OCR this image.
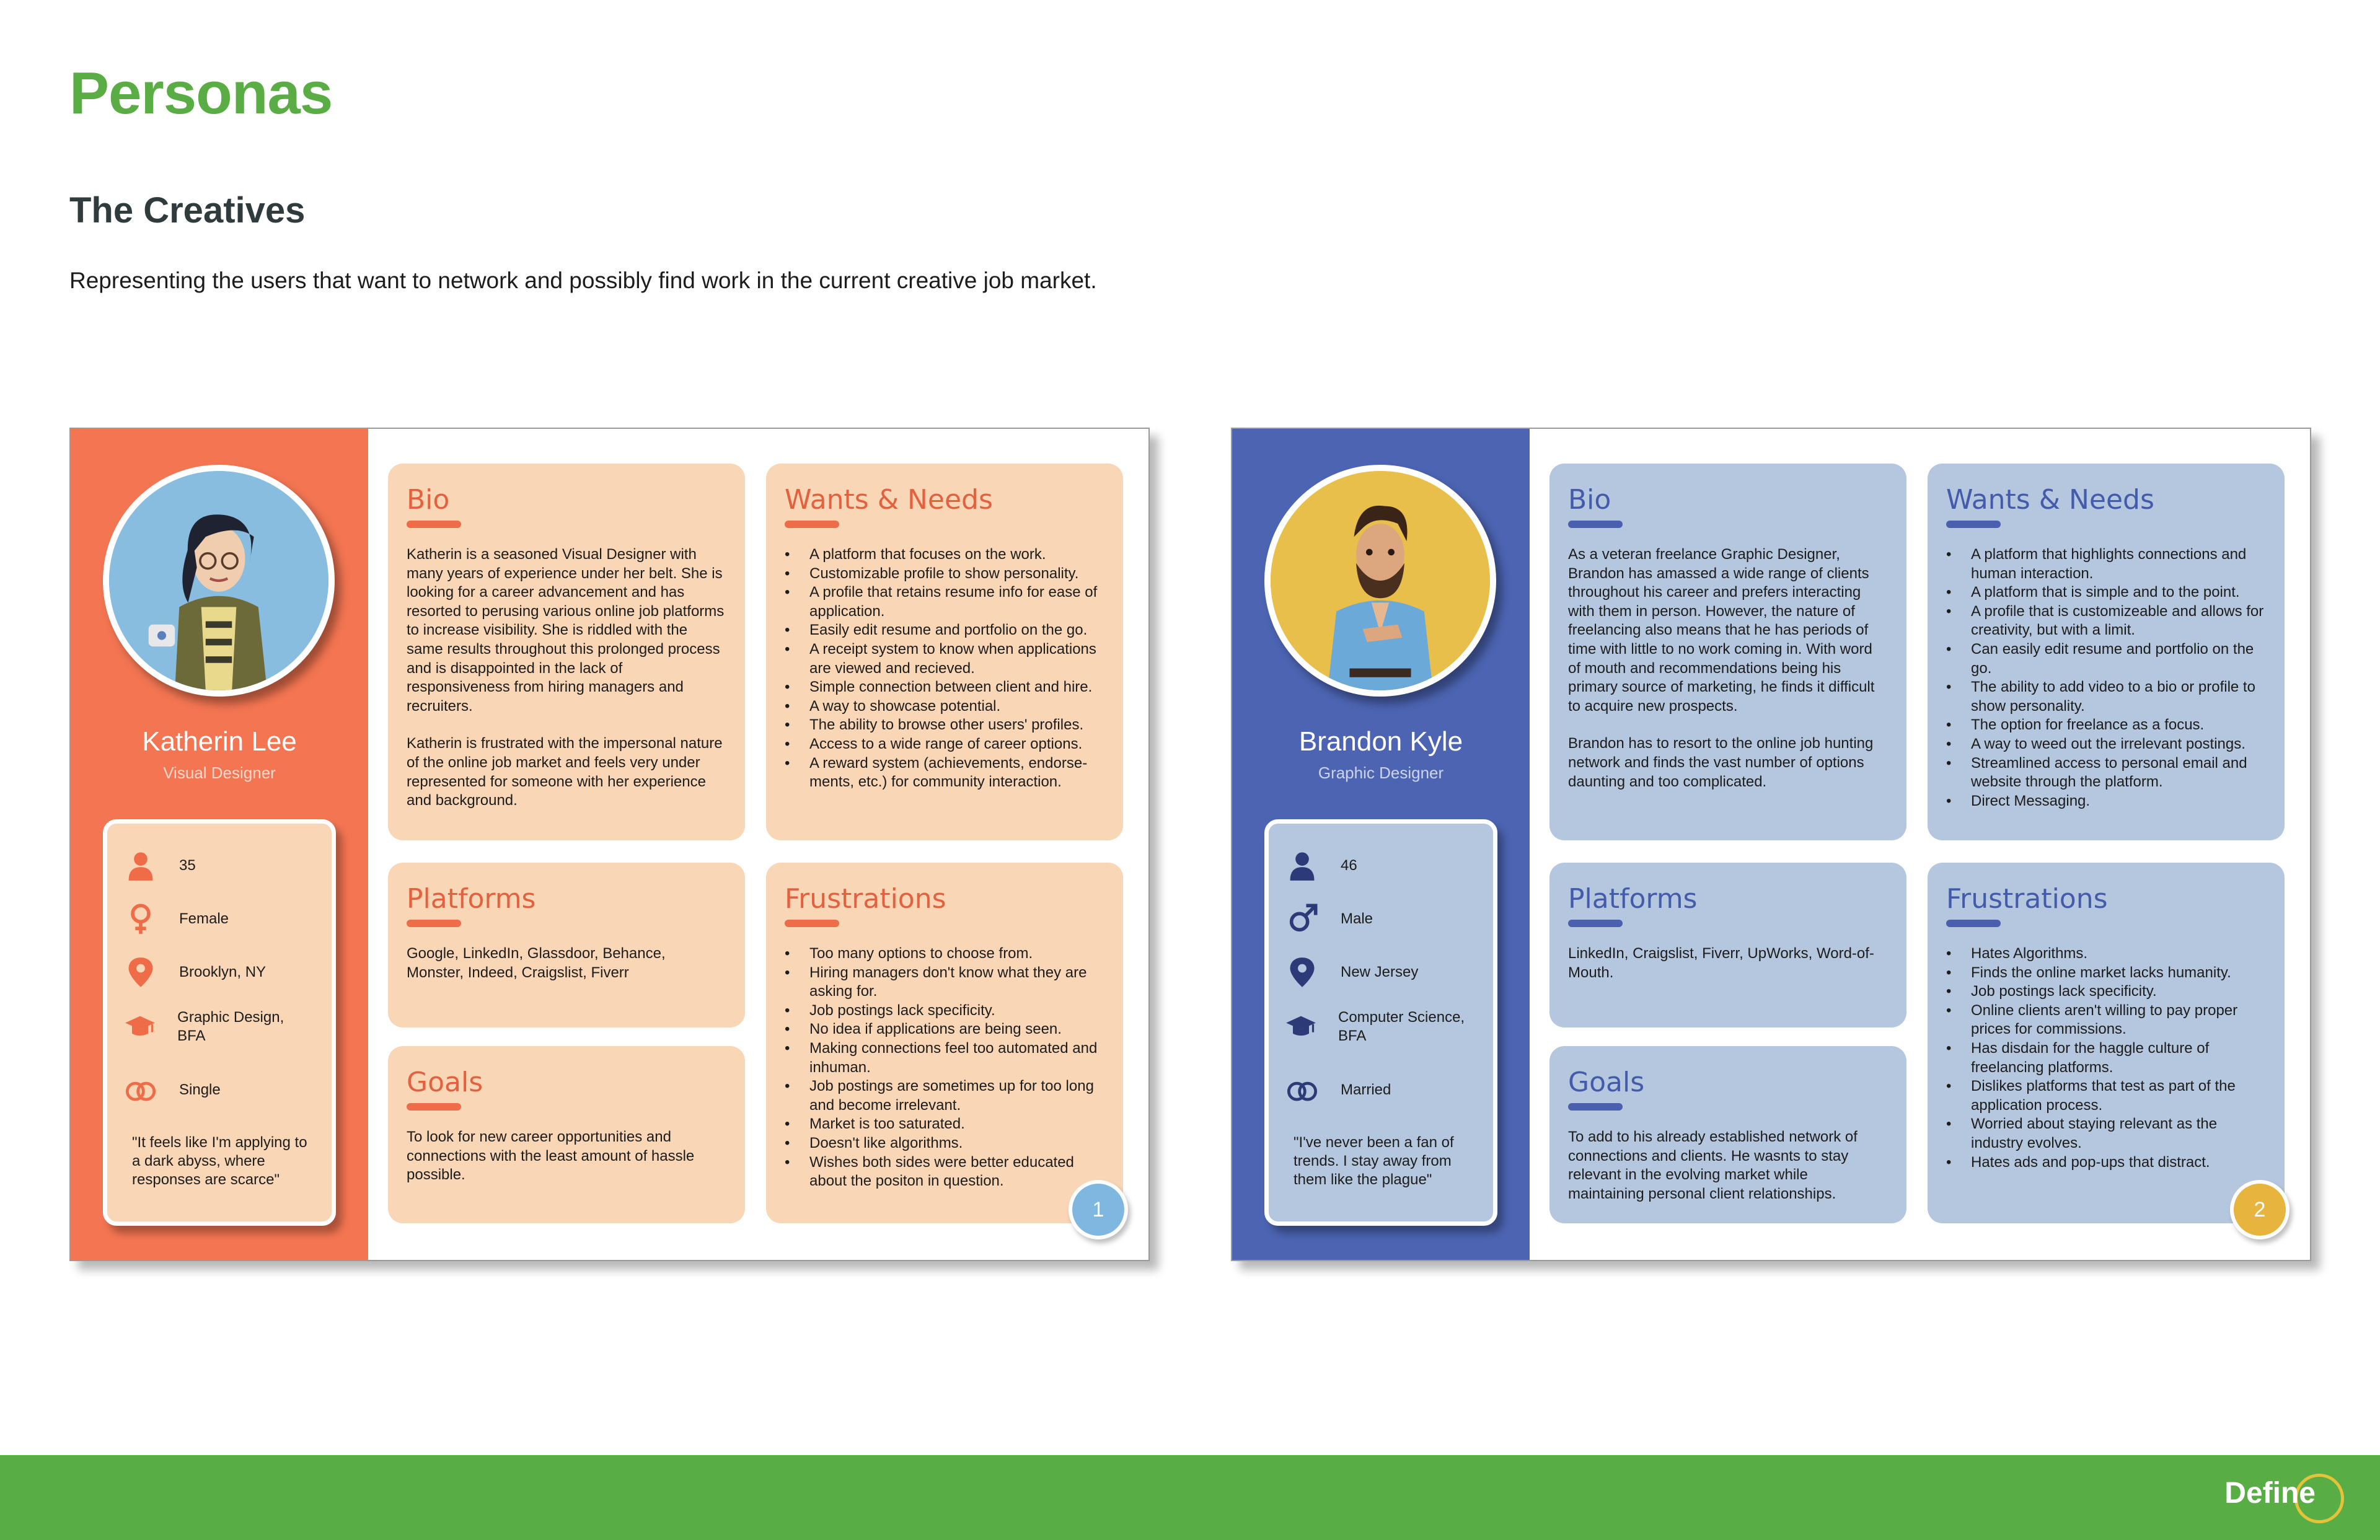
Personas
The Creatives

Representing the users that want to network and possibly find work in the current creative job market.

Katherin Lee
Visual Designer
35
Female
Brooklyn, NY
Graphic Design, BFA
Single
"It feels like I'm applying to a dark abyss, where responses are scarce"
Bio

Katherin is a seasoned Visual Designer with many years of experience under her belt. She is looking for a career advancement and has resorted to perusing various online job platforms to increase visibility. She is riddled with the same results throughout this prolonged process and is disappointed in the lack of responsiveness from hiring managers and recruiters.

Katherin is frustrated with the impersonal nature of the online job market and feels very under represented for someone with her experience and background.

Wants & Needs
• A platform that focuses on the work.
• Customizable profile to show personality.
• A profile that retains resume info for ease of application.
• Easily edit resume and portfolio on the go.
• A receipt system to know when applications are viewed and recieved.
• Simple connection between client and hire.
• A way to showcase potential.
• The ability to browse other users' profiles.
• Access to a wide range of career options.
• A reward system (achievements, endorse-ments, etc.) for community interaction.
Platforms

Google, LinkedIn, Glassdoor, Behance, Monster, Indeed, Craigslist, Fiverr

Goals

To look for new career opportunities and connections with the least amount of hassle possible.

Frustrations
• Too many options to choose from.
• Hiring managers don't know what they are asking for.
• Job postings lack specificity.
• No idea if applications are being seen.
• Making connections feel too automated and inhuman.
• Job postings are sometimes up for too long and become irrelevant.
• Market is too saturated.
• Doesn't like algorithms.
• Wishes both sides were better educated about the positon in question.
1
Brandon Kyle
Graphic Designer
46
Male
New Jersey
Computer Science, BFA
Married
"I've never been a fan of trends. I stay away from them like the plague"
Bio

As a veteran freelance Graphic Designer, Brandon has amassed a wide range of clients throughout his career and prefers interacting with them in person. However, the nature of freelancing also means that he has periods of time with little to no work coming in. With word of mouth and recommendations being his primary source of marketing, he finds it difficult to acquire new prospects.

Brandon has to resort to the online job hunting network and finds the vast number of options daunting and too complicated.

Wants & Needs
• A platform that highlights connections and human interaction.
• A platform that is simple and to the point.
• A profile that is customizeable and allows for creativity, but with a limit.
• Can easily edit resume and portfolio on the go.
• The ability to add video to a bio or profile to show personality.
• The option for freelance as a focus.
• A way to weed out the irrelevant postings.
• Streamlined access to personal email and website through the platform.
• Direct Messaging.
Platforms

LinkedIn, Craigslist, Fiverr, UpWorks, Word-of-Mouth.

Goals

To add to his already established network of connections and clients. He wasnts to stay relevant in the evolving market while maintaining personal client relationships.

Frustrations
• Hates Algorithms.
• Finds the online market lacks humanity.
• Job postings lack specificity.
• Online clients aren't willing to pay proper prices for commissions.
• Has disdain for the haggle culture of freelancing platforms.
• Dislikes platforms that test as part of the application process.
• Worried about staying relevant as the industry evolves.
• Hates ads and pop-ups that distract.
2
Define
